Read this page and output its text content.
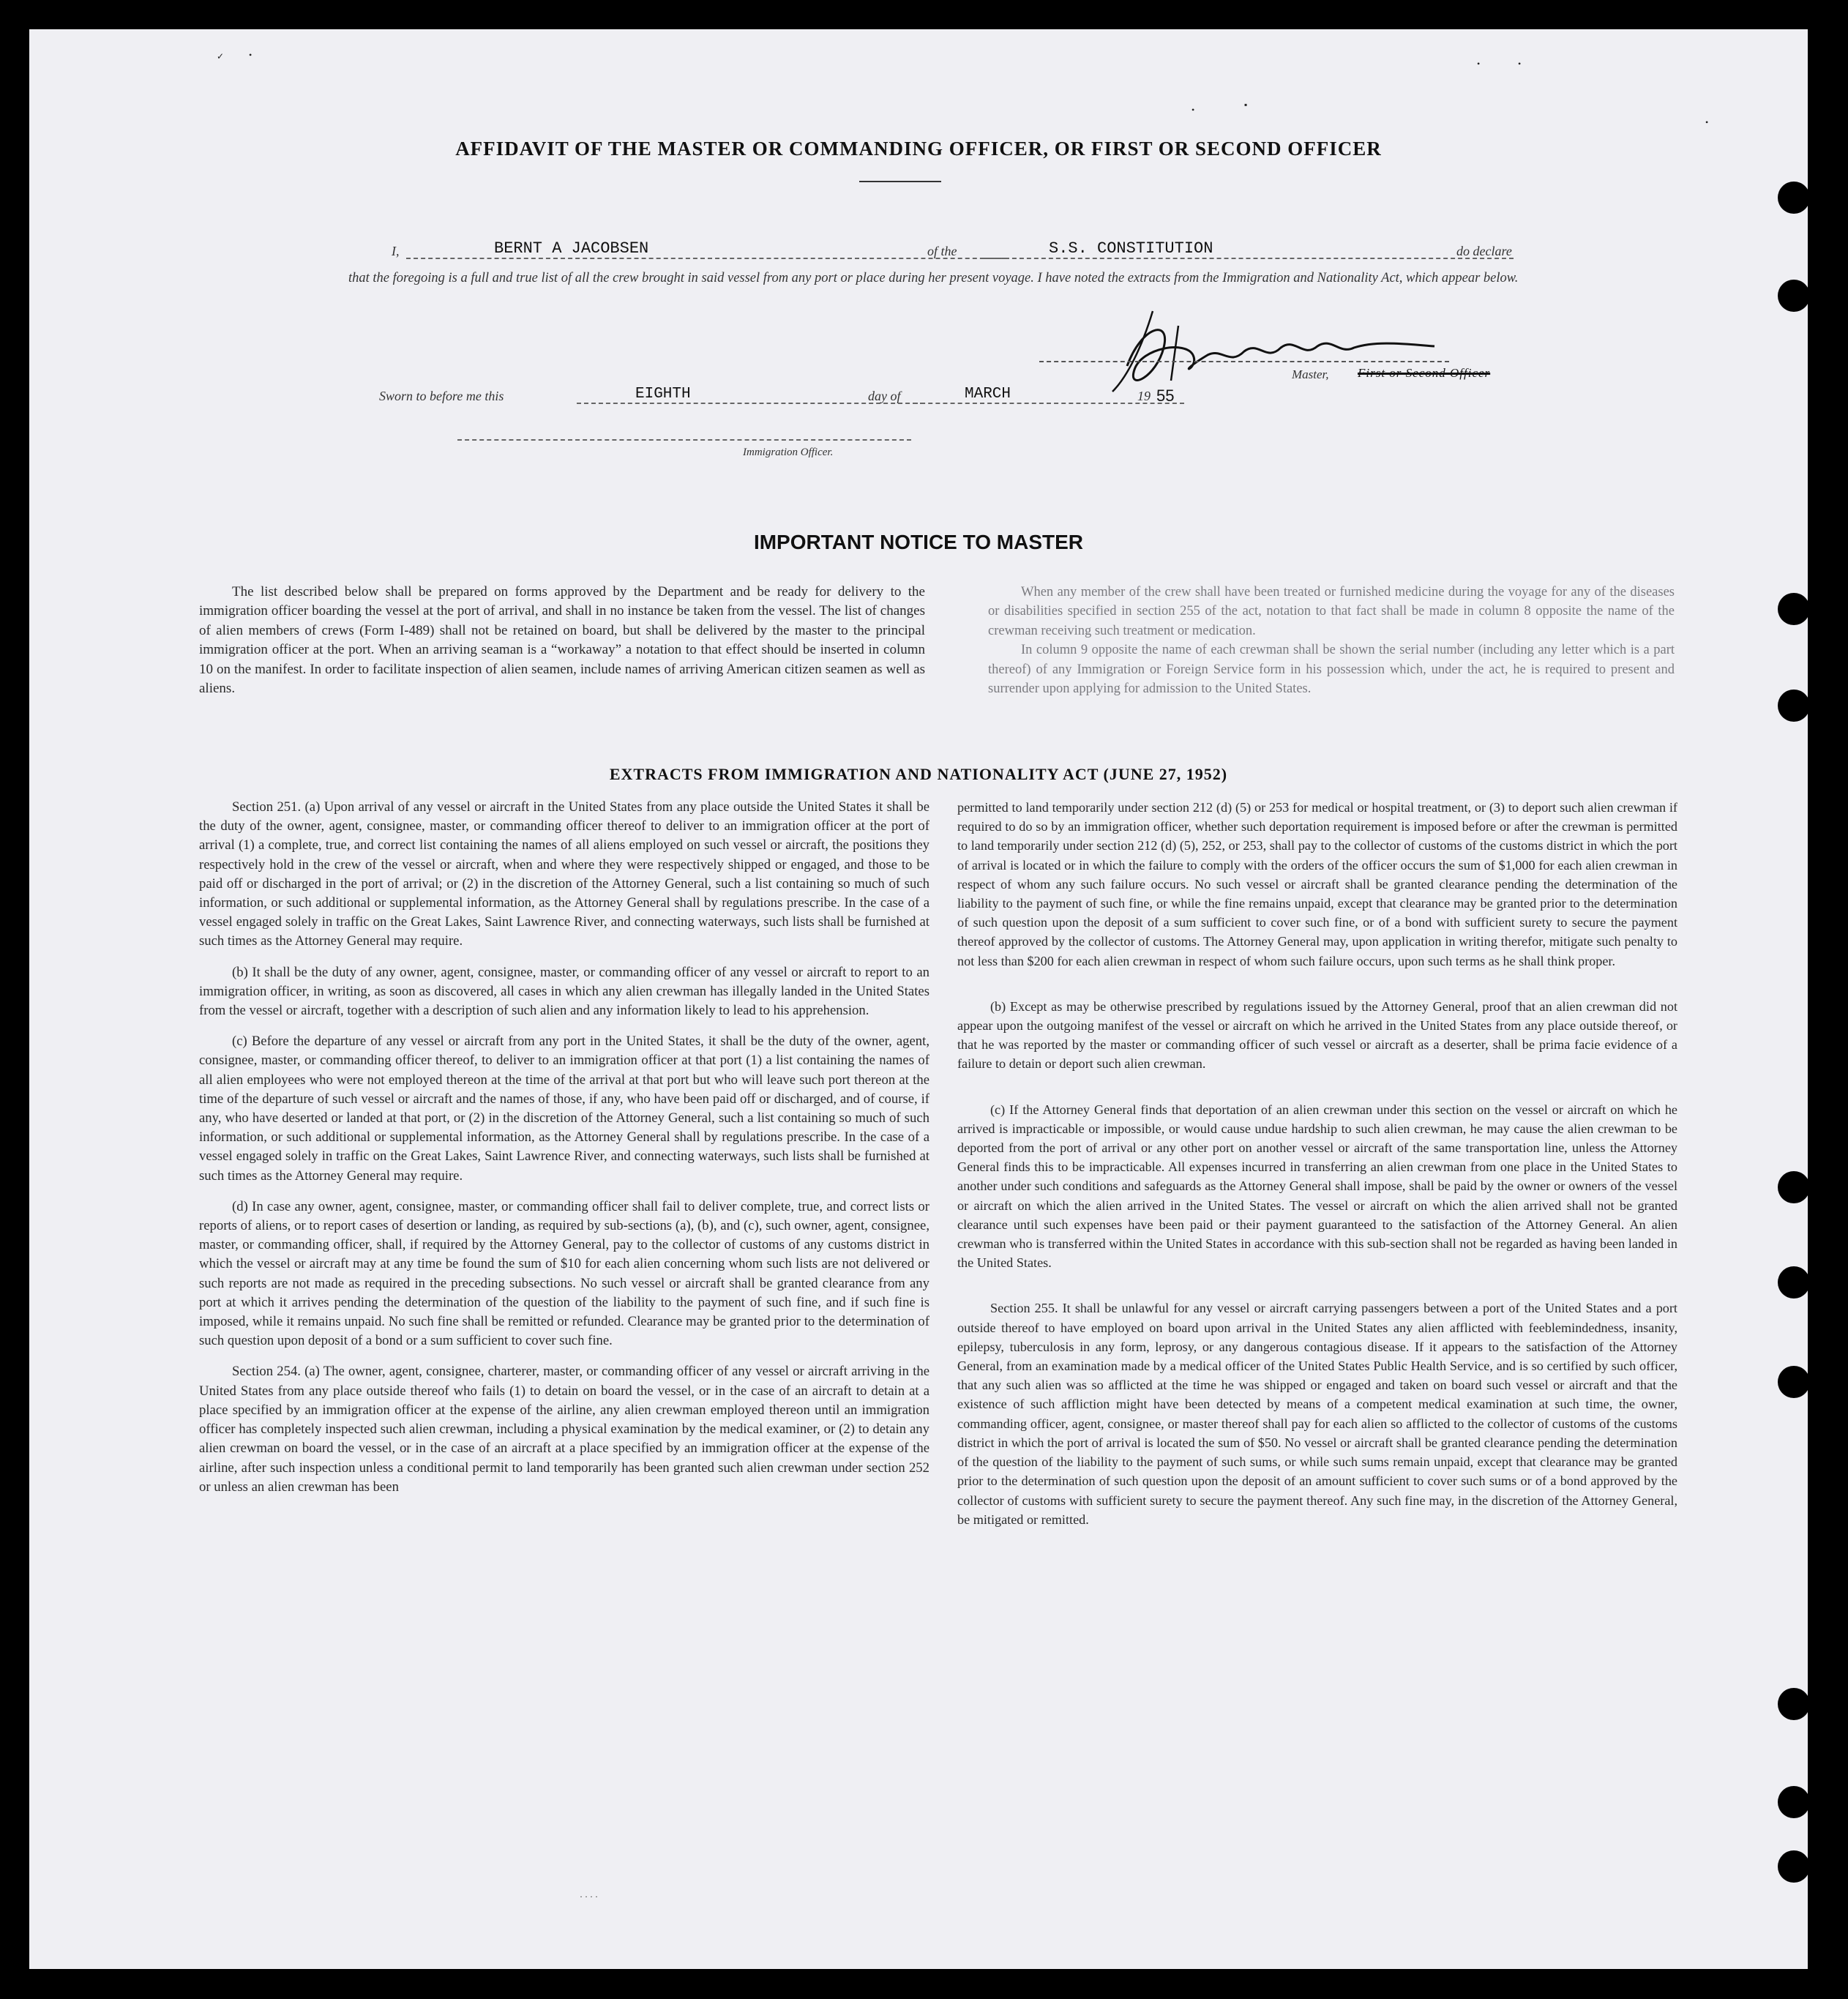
✓	•
•	•
•
•	▪
AFFIDAVIT OF THE MASTER OR COMMANDING OFFICER, OR FIRST OR SECOND OFFICER
I,	BERNT A JACOBSEN	of the	S.S. CONSTITUTION	do declare
that the foregoing is a full and true list of all the crew brought in said vessel from any port or place during her present voyage. I have noted the extracts from the Immigration and Nationality Act, which appear below.
Master, First or Second Officer
Sworn to before me this	EIGHTH	day of	MARCH	19 55
Immigration Officer.
IMPORTANT NOTICE TO MASTER

The list described below shall be prepared on forms approved by the Department and be ready for delivery to the immigration officer boarding the vessel at the port of arrival, and shall in no instance be taken from the vessel. The list of changes of alien members of crews (Form I-489) shall not be retained on board, but shall be delivered by the master to the principal immigration officer at the port. When an arriving seaman is a “workaway” a notation to that effect should be inserted in column 10 on the manifest. In order to facilitate inspection of alien seamen, include names of arriving American citizen seamen as well as aliens.

When any member of the crew shall have been treated or furnished medicine during the voyage for any of the diseases or disabilities specified in section 255 of the act, notation to that fact shall be made in column 8 opposite the name of the crewman receiving such treatment or medication.

In column 9 opposite the name of each crewman shall be shown the serial number (including any letter which is a part thereof) of any Immigration or Foreign Service form in his possession which, under the act, he is required to present and surrender upon applying for admission to the United States.

EXTRACTS FROM IMMIGRATION AND NATIONALITY ACT (JUNE 27, 1952)

Section 251. (a) Upon arrival of any vessel or aircraft in the United States from any place outside the United States it shall be the duty of the owner, agent, consignee, master, or commanding officer thereof to deliver to an immigration officer at the port of arrival (1) a complete, true, and correct list containing the names of all aliens employed on such vessel or aircraft, the positions they respectively hold in the crew of the vessel or aircraft, when and where they were respectively shipped or engaged, and those to be paid off or discharged in the port of arrival; or (2) in the discretion of the Attorney General, such a list containing so much of such information, or such additional or supplemental information, as the Attorney General shall by regulations prescribe. In the case of a vessel engaged solely in traffic on the Great Lakes, Saint Lawrence River, and connecting waterways, such lists shall be furnished at such times as the Attorney General may require.

(b) It shall be the duty of any owner, agent, consignee, master, or commanding officer of any vessel or aircraft to report to an immigration officer, in writing, as soon as discovered, all cases in which any alien crewman has illegally landed in the United States from the vessel or aircraft, together with a description of such alien and any information likely to lead to his apprehension.

(c) Before the departure of any vessel or aircraft from any port in the United States, it shall be the duty of the owner, agent, consignee, master, or commanding officer thereof, to deliver to an immigration officer at that port (1) a list containing the names of all alien employees who were not employed thereon at the time of the arrival at that port but who will leave such port thereon at the time of the departure of such vessel or aircraft and the names of those, if any, who have been paid off or discharged, and of course, if any, who have deserted or landed at that port, or (2) in the discretion of the Attorney General, such a list containing so much of such information, or such additional or supplemental information, as the Attorney General shall by regulations prescribe. In the case of a vessel engaged solely in traffic on the Great Lakes, Saint Lawrence River, and connecting waterways, such lists shall be furnished at such times as the Attorney General may require.

(d) In case any owner, agent, consignee, master, or commanding officer shall fail to deliver complete, true, and correct lists or reports of aliens, or to report cases of desertion or landing, as required by sub-sections (a), (b), and (c), such owner, agent, consignee, master, or commanding officer, shall, if required by the Attorney General, pay to the collector of customs of any customs district in which the vessel or aircraft may at any time be found the sum of $10 for each alien concerning whom such lists are not delivered or such reports are not made as required in the preceding subsections. No such vessel or aircraft shall be granted clearance from any port at which it arrives pending the determination of the question of the liability to the payment of such fine, and if such fine is imposed, while it remains unpaid. No such fine shall be remitted or refunded. Clearance may be granted prior to the determination of such question upon deposit of a bond or a sum sufficient to cover such fine.

Section 254. (a) The owner, agent, consignee, charterer, master, or commanding officer of any vessel or aircraft arriving in the United States from any place outside thereof who fails (1) to detain on board the vessel, or in the case of an aircraft to detain at a place specified by an immigration officer at the expense of the airline, any alien crewman employed thereon until an immigration officer has completely inspected such alien crewman, including a physical examination by the medical examiner, or (2) to detain any alien crewman on board the vessel, or in the case of an aircraft at a place specified by an immigration officer at the expense of the airline, after such inspection unless a conditional permit to land temporarily has been granted such alien crewman under section 252 or unless an alien crewman has been

permitted to land temporarily under section 212 (d) (5) or 253 for medical or hospital treatment, or (3) to deport such alien crewman if required to do so by an immigration officer, whether such deportation requirement is imposed before or after the crewman is permitted to land temporarily under section 212 (d) (5), 252, or 253, shall pay to the collector of customs of the customs district in which the port of arrival is located or in which the failure to comply with the orders of the officer occurs the sum of $1,000 for each alien crewman in respect of whom any such failure occurs. No such vessel or aircraft shall be granted clearance pending the determination of the liability to the payment of such fine, or while the fine remains unpaid, except that clearance may be granted prior to the determination of such question upon the deposit of a sum sufficient to cover such fine, or of a bond with sufficient surety to secure the payment thereof approved by the collector of customs. The Attorney General may, upon application in writing therefor, mitigate such penalty to not less than $200 for each alien crewman in respect of whom such failure occurs, upon such terms as he shall think proper.

(b) Except as may be otherwise prescribed by regulations issued by the Attorney General, proof that an alien crewman did not appear upon the outgoing manifest of the vessel or aircraft on which he arrived in the United States from any place outside thereof, or that he was reported by the master or commanding officer of such vessel or aircraft as a deserter, shall be prima facie evidence of a failure to detain or deport such alien crewman.

(c) If the Attorney General finds that deportation of an alien crewman under this section on the vessel or aircraft on which he arrived is impracticable or impossible, or would cause undue hardship to such alien crewman, he may cause the alien crewman to be deported from the port of arrival or any other port on another vessel or aircraft of the same transportation line, unless the Attorney General finds this to be impracticable. All expenses incurred in transferring an alien crewman from one place in the United States to another under such conditions and safeguards as the Attorney General shall impose, shall be paid by the owner or owners of the vessel or aircraft on which the alien arrived in the United States. The vessel or aircraft on which the alien arrived shall not be granted clearance until such expenses have been paid or their payment guaranteed to the satisfaction of the Attorney General. An alien crewman who is transferred within the United States in accordance with this sub-section shall not be regarded as having been landed in the United States.

Section 255. It shall be unlawful for any vessel or aircraft carrying passengers between a port of the United States and a port outside thereof to have employed on board upon arrival in the United States any alien afflicted with feeblemindedness, insanity, epilepsy, tuberculosis in any form, leprosy, or any dangerous contagious disease. If it appears to the satisfaction of the Attorney General, from an examination made by a medical officer of the United States Public Health Service, and is so certified by such officer, that any such alien was so afflicted at the time he was shipped or engaged and taken on board such vessel or aircraft and that the existence of such affliction might have been detected by means of a competent medical examination at such time, the owner, commanding officer, agent, consignee, or master thereof shall pay for each alien so afflicted to the collector of customs of the customs district in which the port of arrival is located the sum of $50. No vessel or aircraft shall be granted clearance pending the determination of the question of the liability to the payment of such sums, or while such sums remain unpaid, except that clearance may be granted prior to the determination of such question upon the deposit of an amount sufficient to cover such sums or of a bond approved by the collector of customs with sufficient surety to secure the payment thereof. Any such fine may, in the discretion of the Attorney General, be mitigated or remitted.

· · · ·
